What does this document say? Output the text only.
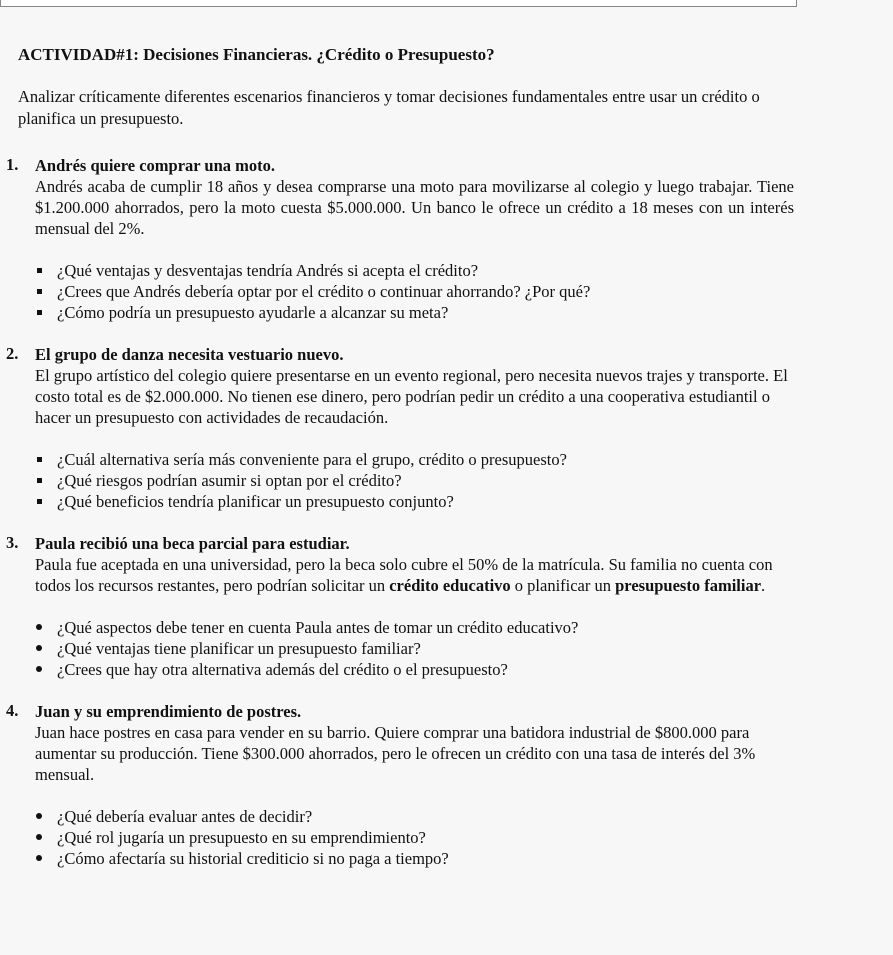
ACTIVIDAD#1: Decisiones Financieras. ¿Crédito o Presupuesto?

Analizar críticamente diferentes escenarios financieros y tomar decisiones fundamentales entre usar un crédito o planifica un presupuesto.

1. Andrés quiere comprar una moto.

Andrés acaba de cumplir 18 años y desea comprarse una moto para movilizarse al colegio y luego trabajar. Tiene $1.200.000 ahorrados, pero la moto cuesta $5.000.000. Un banco le ofrece un crédito a 18 meses con un interés mensual del 2%.

¿Qué ventajas y desventajas tendría Andrés si acepta el crédito?
¿Crees que Andrés debería optar por el crédito o continuar ahorrando? ¿Por qué?
¿Cómo podría un presupuesto ayudarle a alcanzar su meta?
2. El grupo de danza necesita vestuario nuevo.

El grupo artístico del colegio quiere presentarse en un evento regional, pero necesita nuevos trajes y transporte. El costo total es de $2.000.000. No tienen ese dinero, pero podrían pedir un crédito a una cooperativa estudiantil o hacer un presupuesto con actividades de recaudación.

¿Cuál alternativa sería más conveniente para el grupo, crédito o presupuesto?
¿Qué riesgos podrían asumir si optan por el crédito?
¿Qué beneficios tendría planificar un presupuesto conjunto?
3. Paula recibió una beca parcial para estudiar.

Paula fue aceptada en una universidad, pero la beca solo cubre el 50% de la matrícula. Su familia no cuenta con todos los recursos restantes, pero podrían solicitar un crédito educativo o planificar un presupuesto familiar.

¿Qué aspectos debe tener en cuenta Paula antes de tomar un crédito educativo?
¿Qué ventajas tiene planificar un presupuesto familiar?
¿Crees que hay otra alternativa además del crédito o el presupuesto?
4. Juan y su emprendimiento de postres.

Juan hace postres en casa para vender en su barrio. Quiere comprar una batidora industrial de $800.000 para aumentar su producción. Tiene $300.000 ahorrados, pero le ofrecen un crédito con una tasa de interés del 3% mensual.

¿Qué debería evaluar antes de decidir?
¿Qué rol jugaría un presupuesto en su emprendimiento?
¿Cómo afectaría su historial crediticio si no paga a tiempo?
